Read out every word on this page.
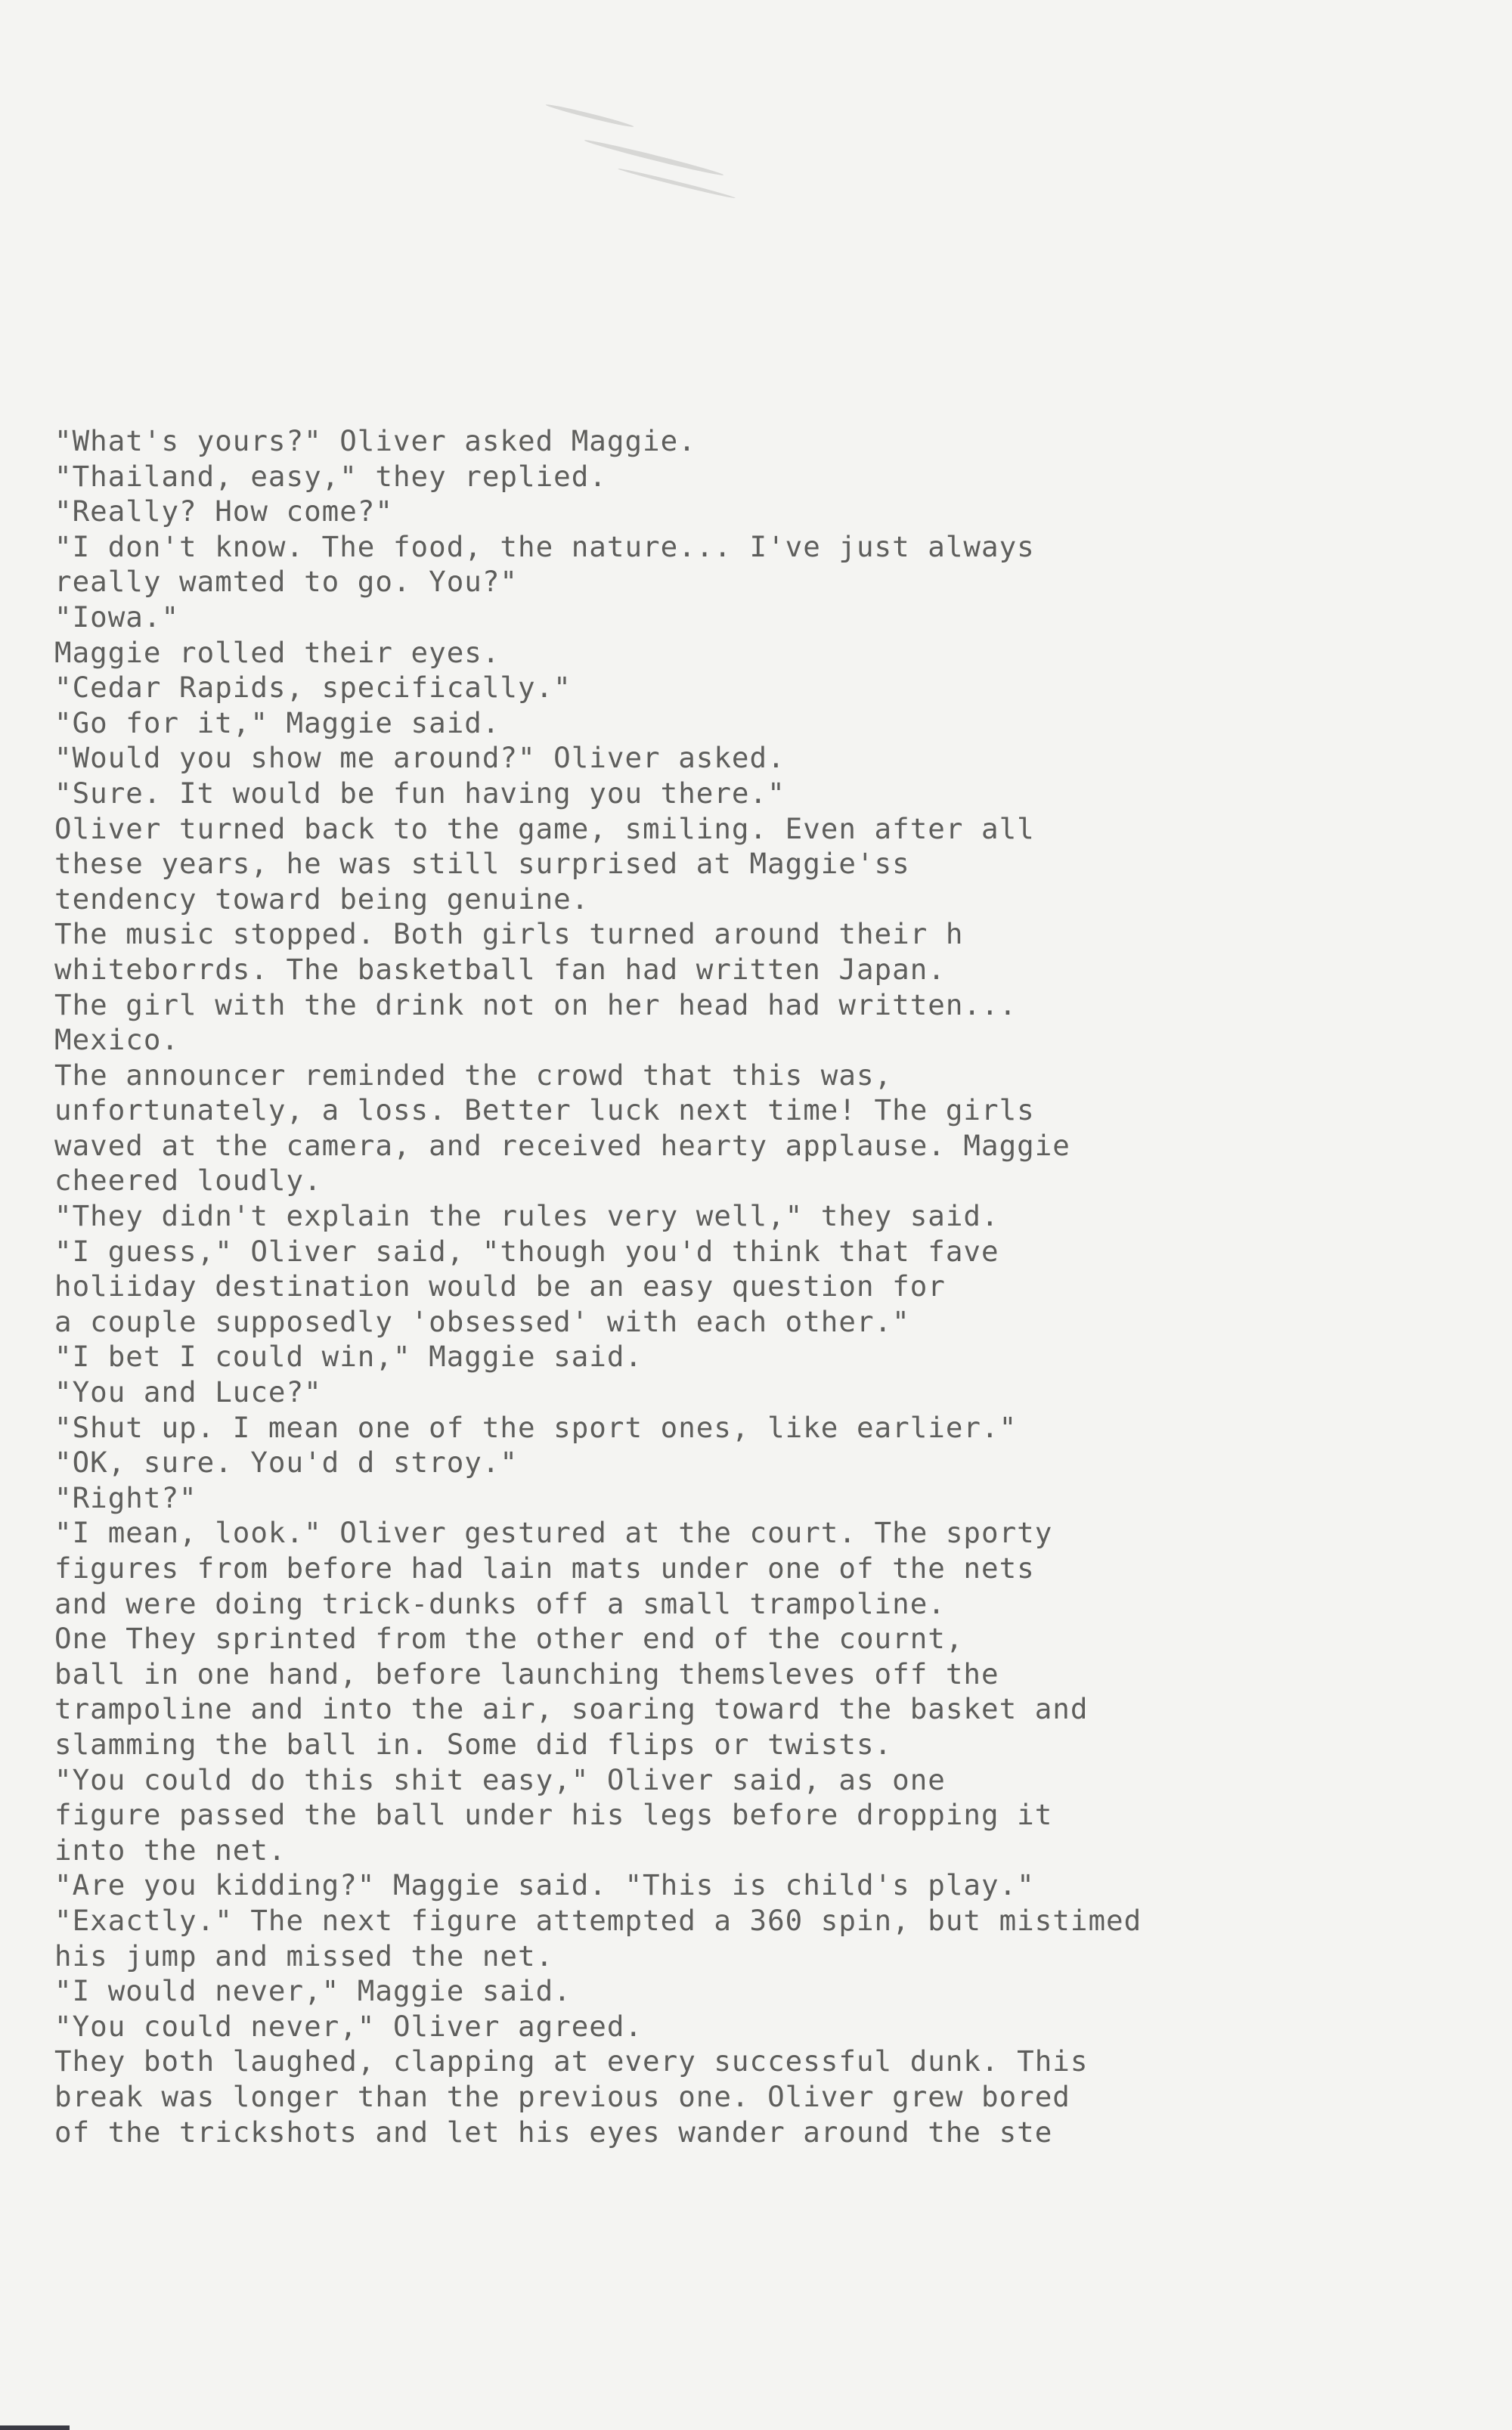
"What's yours?" Oliver asked Maggie.
"Thailand, easy," they replied.
"Really? How come?"
"I don't know. The food, the nature... I've just always
really wamted to go. You?"
"Iowa."
Maggie rolled their eyes.
"Cedar Rapids, specifically."
"Go for it," Maggie said.
"Would you show me around?" Oliver asked.
"Sure. It would be fun having you there."
Oliver turned back to the game, smiling. Even after all
these years, he was still surprised at Maggie'ss
tendency toward being genuine.
The music stopped. Both girls turned around their h
whiteborrds. The basketball fan had written Japan.
The girl with the drink not on her head had written...
Mexico.
The announcer reminded the crowd that this was,
unfortunately, a loss. Better luck next time! The girls
waved at the camera, and received hearty applause. Maggie
cheered loudly.
"They didn't explain the rules very well," they said.
"I guess," Oliver said, "though you'd think that fave
holiiday destination would be an easy question for
a couple supposedly 'obsessed' with each other."
"I bet I could win," Maggie said.
"You and Luce?"
"Shut up. I mean one of the sport ones, like earlier."
"OK, sure. You'd d stroy."
"Right?"
"I mean, look." Oliver gestured at the court. The sporty
figures from before had lain mats under one of the nets
and were doing trick-dunks off a small trampoline.
One They sprinted from the other end of the cournt,
ball in one hand, before launching themsleves off the
trampoline and into the air, soaring toward the basket and
slamming the ball in. Some did flips or twists.
"You could do this shit easy," Oliver said, as one
figure passed the ball under his legs before dropping it
into the net.
"Are you kidding?" Maggie said. "This is child's play."
"Exactly." The next figure attempted a 360 spin, but mistimed
his jump and missed the net.
"I would never," Maggie said.
"You could never," Oliver agreed.
They both laughed, clapping at every successful dunk. This
break was longer than the previous one. Oliver grew bored
of the trickshots and let his eyes wander around the ste
